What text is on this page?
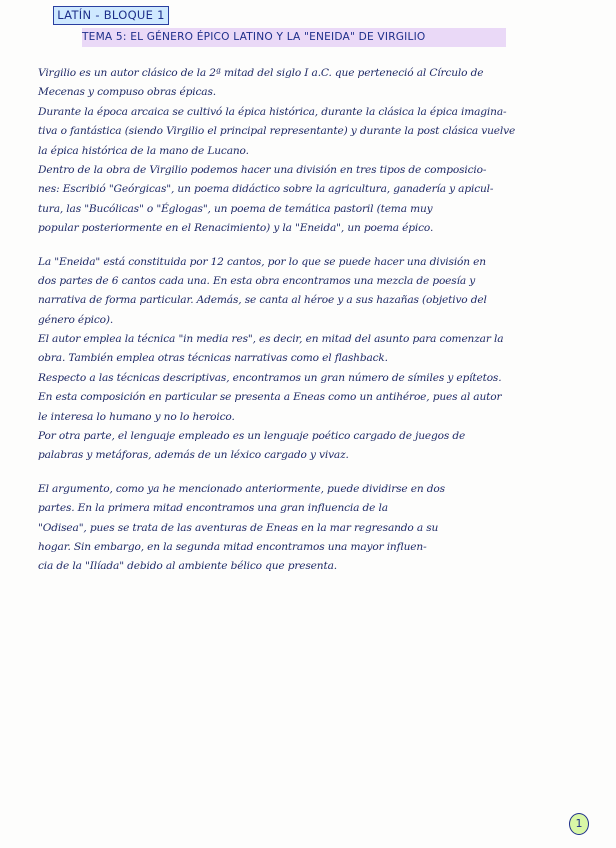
LATÍN - BLOQUE 1
TEMA 5: EL GÉNERO ÉPICO LATINO Y LA "ENEIDA" DE VIRGILIO
Virgilio es un autor clásico de la 2ª mitad del siglo I a.C. que perteneció al Círculo de
Mecenas y compuso obras épicas.
Durante la época arcaica se cultivó la épica histórica, durante la clásica la épica imagina-
tiva o fantástica (siendo Virgilio el principal representante) y durante la post clásica vuelve
la épica histórica de la mano de Lucano.
Dentro de la obra de Virgilio podemos hacer una división en tres tipos de composicio-
nes: Escribió "Geórgicas", un poema didáctico sobre la agricultura, ganadería y apicul-
tura, las "Bucólicas" o "Églogas", un poema de temática pastoril (tema muy
popular posteriormente en el Renacimiento) y la "Eneida", un poema épico.
La "Eneida" está constituida por 12 cantos, por lo que se puede hacer una división en
dos partes de 6 cantos cada una. En esta obra encontramos una mezcla de poesía y
narrativa de forma particular. Además, se canta al héroe y a sus hazañas (objetivo del
género épico).
El autor emplea la técnica "in media res", es decir, en mitad del asunto para comenzar la
obra. También emplea otras técnicas narrativas como el flashback.
Respecto a las técnicas descriptivas, encontramos un gran número de símiles y epítetos.
En esta composición en particular se presenta a Eneas como un antihéroe, pues al autor
le interesa lo humano y no lo heroico.
Por otra parte, el lenguaje empleado es un lenguaje poético cargado de juegos de
palabras y metáforas, además de un léxico cargado y vivaz.
El argumento, como ya he mencionado anteriormente, puede dividirse en dos
partes. En la primera mitad encontramos una gran influencia de la
"Odisea", pues se trata de las aventuras de Eneas en la mar regresando a su
hogar. Sin embargo, en la segunda mitad encontramos una mayor influen-
cia de la "Ilíada" debido al ambiente bélico que presenta.
1
